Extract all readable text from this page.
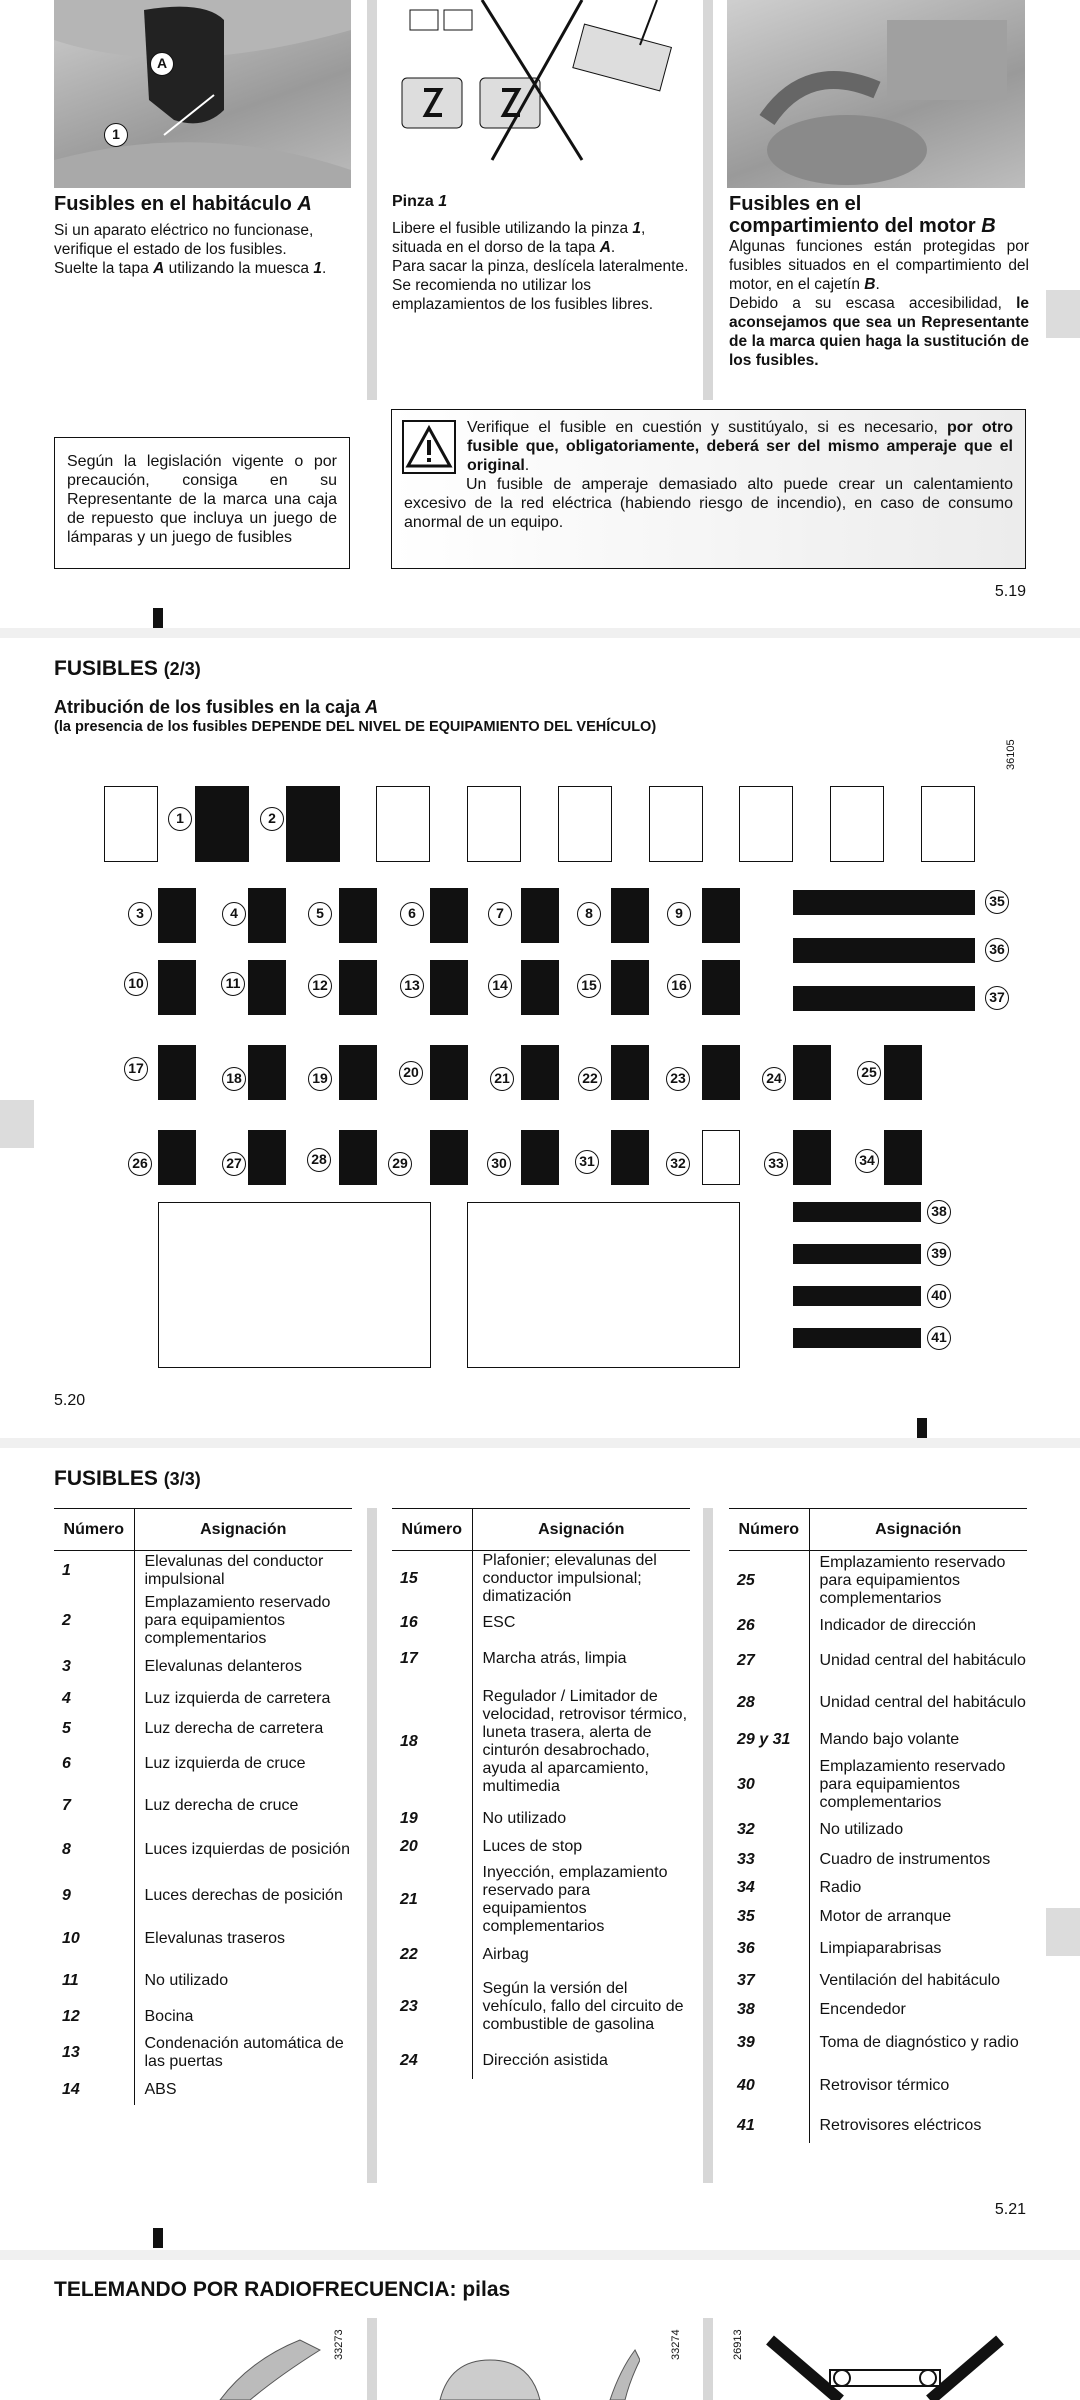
A
1
Fusibles en el habitáculo A
Si un aparato eléctrico no funcionase, verifique el estado de los fusibles.
Suelte la tapa A utilizando la muesca 1.
Pinza 1
Libere el fusible utilizando la pinza 1, situada en el dorso de la tapa A.
Para sacar la pinza, deslícela lateralmente.
Se recomienda no utilizar los emplazamientos de los fusibles libres.
Fusibles en el
compartimiento del motor B
Algunas funciones están protegidas por fusibles situados en el compartimiento del motor, en el cajetín B.
Debido a su escasa accesibilidad, le aconsejamos que sea un Representante de la marca quien haga la sustitución de los fusibles.
Según la legislación vigente o por precaución, consiga en su Representante de la marca una caja de repuesto que incluya un juego de lámparas y un juego de fusibles
Verifique el fusible en cuestión y sustitúyalo, si es necesario, por otro fusible que, obligatoriamente, deberá ser del mismo amperaje que el original.
Un fusible de amperaje demasiado alto puede crear un calentamiento excesivo de la red eléctrica (habiendo riesgo de incendio), en caso de consumo anormal de un equipo.
5.19
FUSIBLES (2/3)
Atribución de los fusibles en la caja A
(la presencia de los fusibles DEPENDE DEL NIVEL DE EQUIPAMIENTO DEL VEHÍCULO)
36105
1	2
3	4	5	6	7	8	9
10	11	12	13	14	15	16
17
18	19	20	21	22	23	24	25
26	27	28	29	30	31	32	33	34
35
36
37
38
39
40
41
5.20
FUSIBLES (3/3)
Número	Asignación
1	Elevalunas del conductor impulsional
2	Emplazamiento reservado para equipamientos complementarios
3	Elevalunas delanteros
4	Luz izquierda de carretera
5	Luz derecha de carretera
6	Luz izquierda de cruce
7	Luz derecha de cruce
8	Luces izquierdas de posición
9	Luces derechas de posición
10	Elevalunas traseros
11	No utilizado
12	Bocina
13	Condenación automática de las puertas
14	ABS
Número	Asignación
15	Plafonier; elevalunas del conductor impulsional; dimatización
16	ESC
17	Marcha atrás, limpia
18	Regulador / Limitador de velocidad, retrovisor térmico, luneta trasera, alerta de cinturón desabrochado, ayuda al aparcamiento, multimedia
19	No utilizado
20	Luces de stop
21	Inyección, emplazamiento reservado para equipamientos complementarios
22	Airbag
23	Según la versión del vehículo, fallo del circuito de combustible de gasolina
24	Dirección asistida
Número	Asignación
25	Emplazamiento reservado para equipamientos complementarios
26	Indicador de dirección
27	Unidad central del habitáculo
28	Unidad central del habitáculo
29 y 31	Mando bajo volante
30	Emplazamiento reservado para equipamientos complementarios
32	No utilizado
33	Cuadro de instrumentos
34	Radio
35	Motor de arranque
36	Limpiaparabrisas
37	Ventilación del habitáculo
38	Encendedor
39	Toma de diagnóstico y radio
40	Retrovisor térmico
41	Retrovisores eléctricos
5.21
TELEMANDO POR RADIOFRECUENCIA: pilas
33273	33274	26913
